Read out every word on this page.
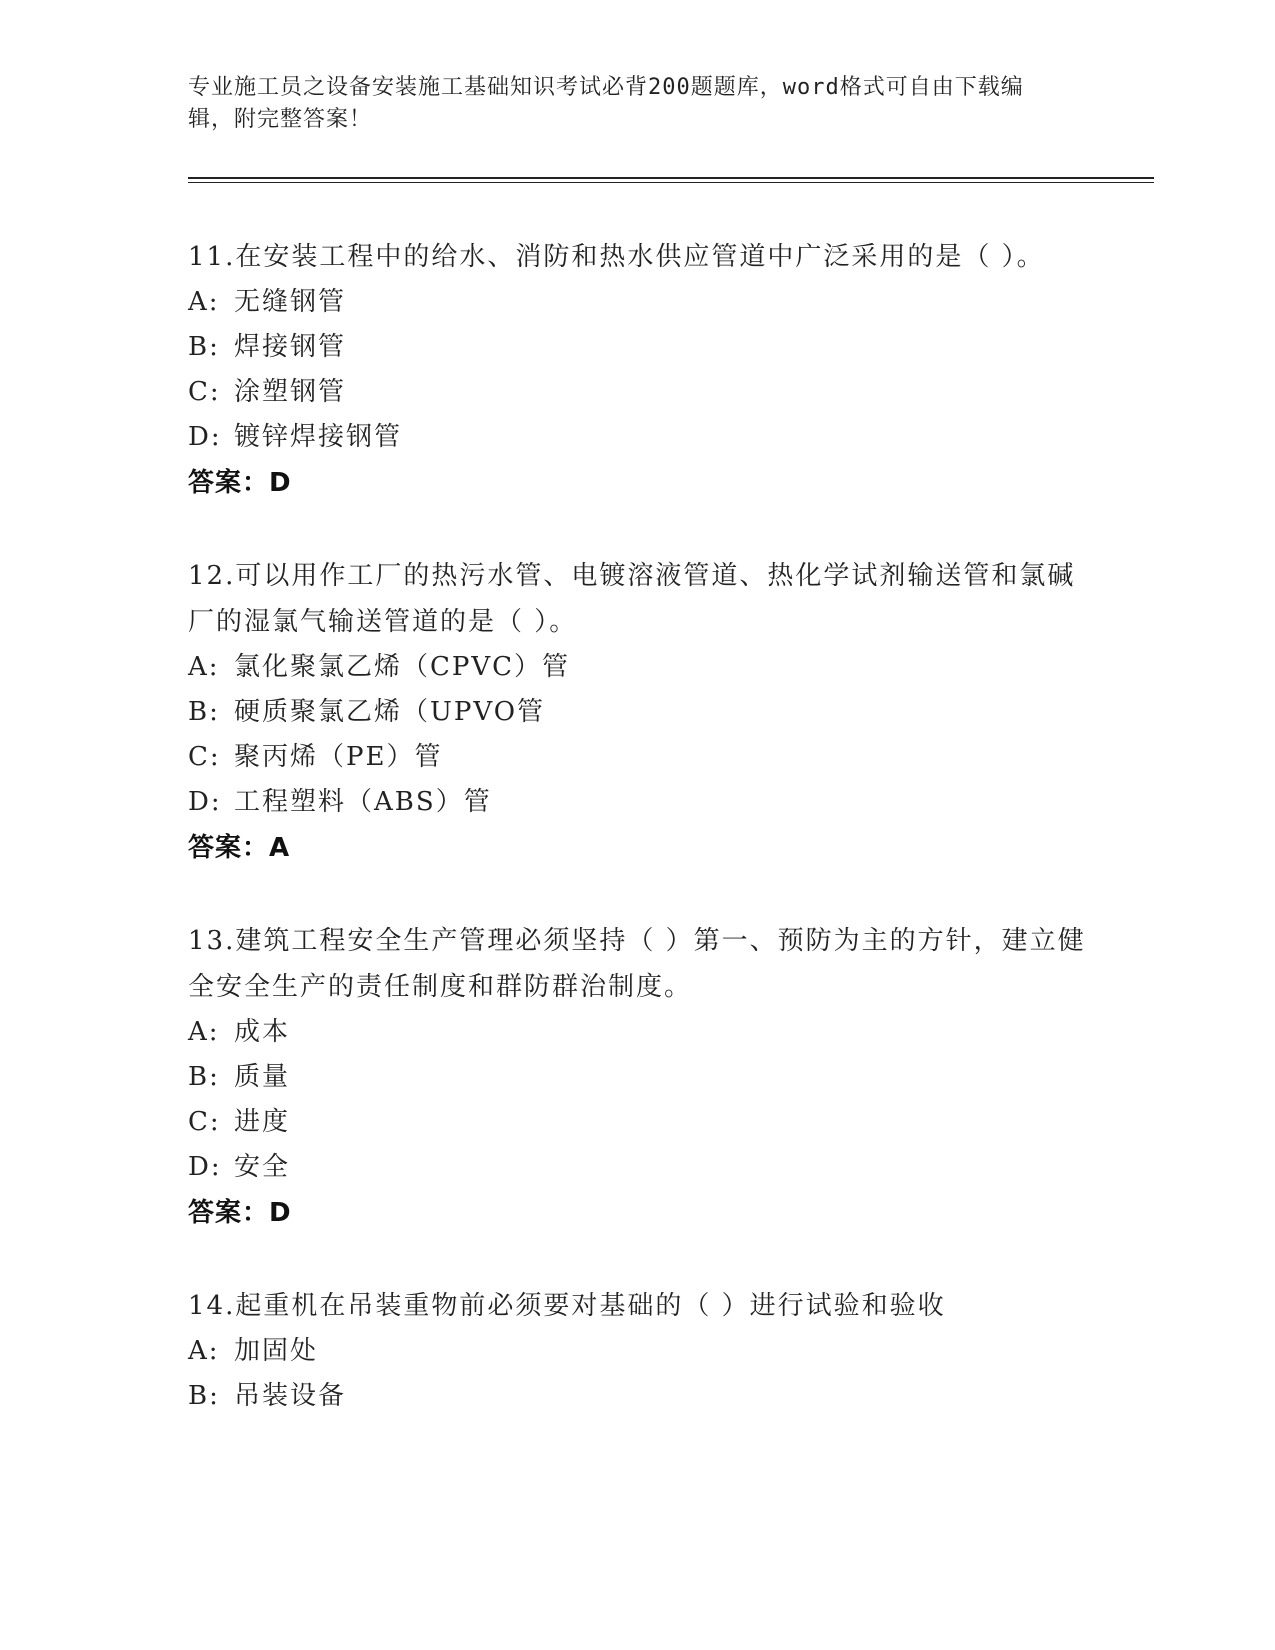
专业施工员之设备安装施工基础知识考试必背200题题库，word格式可自由下载编辑，附完整答案！
11.在安装工程中的给水、消防和热水供应管道中广泛采用的是（ ）。
A: 无缝钢管
B: 焊接钢管
C: 涂塑钢管
D: 镀锌焊接钢管
答案：D
12.可以用作工厂的热污水管、电镀溶液管道、热化学试剂输送管和氯碱厂的湿氯气输送管道的是（ ）。
A: 氯化聚氯乙烯（CPVC）管
B: 硬质聚氯乙烯（UPVO管
C: 聚丙烯（PE）管
D: 工程塑料（ABS）管
答案：A
13.建筑工程安全生产管理必须坚持（ ）第一、预防为主的方针，建立健全安全生产的责任制度和群防群治制度。
A: 成本
B: 质量
C: 进度
D: 安全
答案：D
14.起重机在吊装重物前必须要对基础的（ ）进行试验和验收
A: 加固处
B: 吊装设备
